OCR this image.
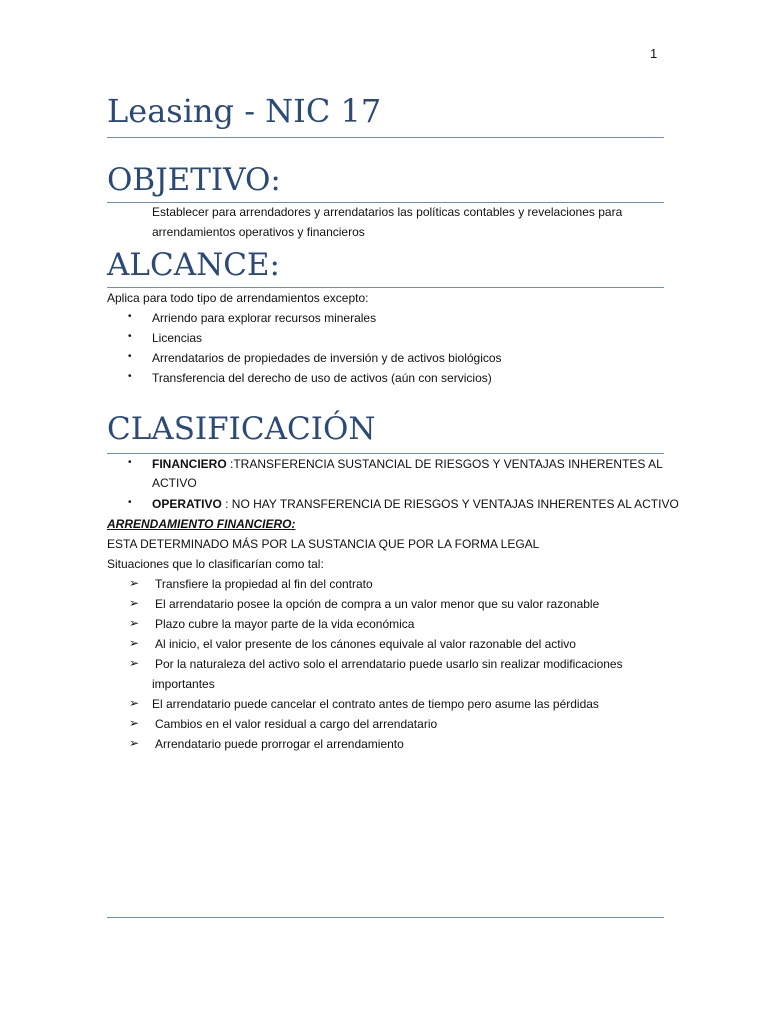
1
Leasing - NIC 17
OBJETIVO:
Establecer para arrendadores y arrendatarios las políticas contables y revelaciones para
arrendamientos operativos y financieros
ALCANCE:
Aplica para todo tipo de arrendamientos excepto:
• Arriendo para explorar recursos minerales
• Licencias
• Arrendatarios de propiedades de inversión y de activos biológicos
• Transferencia del derecho de uso de activos (aún con servicios)
CLASIFICACIÓN
• FINANCIERO :TRANSFERENCIA SUSTANCIAL DE RIESGOS Y VENTAJAS INHERENTES AL
ACTIVO
• OPERATIVO : NO HAY TRANSFERENCIA DE RIESGOS Y VENTAJAS INHERENTES AL ACTIVO
ARRENDAMIENTO FINANCIERO:
ESTA DETERMINADO MÁS POR LA SUSTANCIA QUE POR LA FORMA LEGAL
Situaciones que lo clasificarían como tal:
➢ Transfiere la propiedad al fin del contrato
➢ El arrendatario posee la opción de compra a un valor menor que su valor razonable
➢ Plazo cubre la mayor parte de la vida económica
➢ Al inicio, el valor presente de los cánones equivale al valor razonable del activo
➢ Por la naturaleza del activo solo el arrendatario puede usarlo sin realizar modificaciones
importantes
➢ El arrendatario puede cancelar el contrato antes de tiempo pero asume las pérdidas
➢ Cambios en el valor residual a cargo del arrendatario
➢ Arrendatario puede prorrogar el arrendamiento
